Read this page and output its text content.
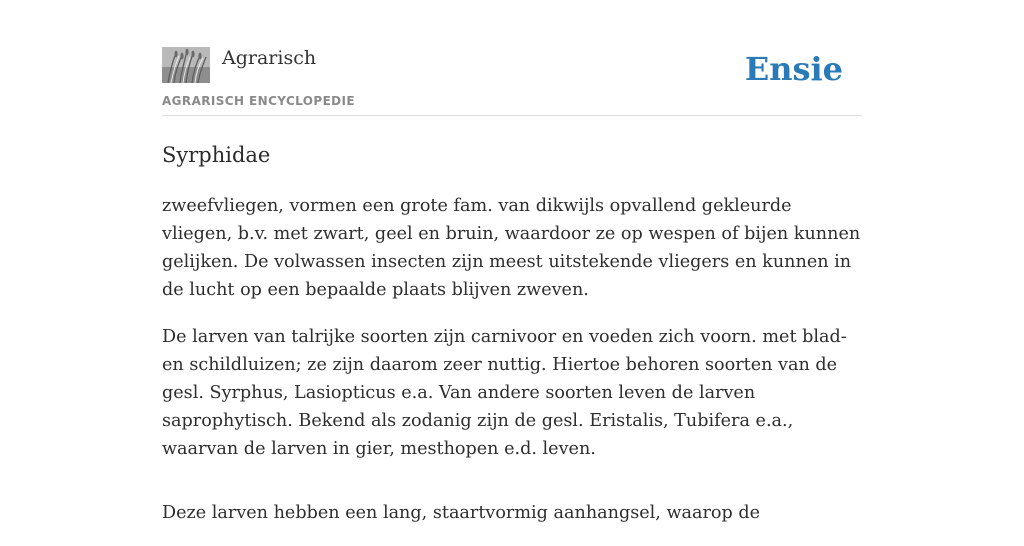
Agrarisch
AGRARISCH ENCYCLOPEDIE
Ensie
Syrphidae

zweefvliegen, vormen een grote fam. van dikwijls opvallend gekleurde vliegen, b.v. met zwart, geel en bruin, waardoor ze op wespen of bijen kunnen gelijken. De volwassen insecten zijn meest uitstekende vliegers en kunnen in de lucht op een bepaalde plaats blijven zweven.

De larven van talrijke soorten zijn carnivoor en voeden zich voorn. met blad- en schildluizen; ze zijn daarom zeer nuttig. Hiertoe behoren soorten van de gesl. Syrphus, Lasiopticus e.a. Van andere soorten leven de larven saprophytisch. Bekend als zodanig zijn de gesl. Eristalis, Tubifera e.a., waarvan de larven in gier, mesthopen e.d. leven.

Deze larven hebben een lang, staartvormig aanhangsel, waarop de
